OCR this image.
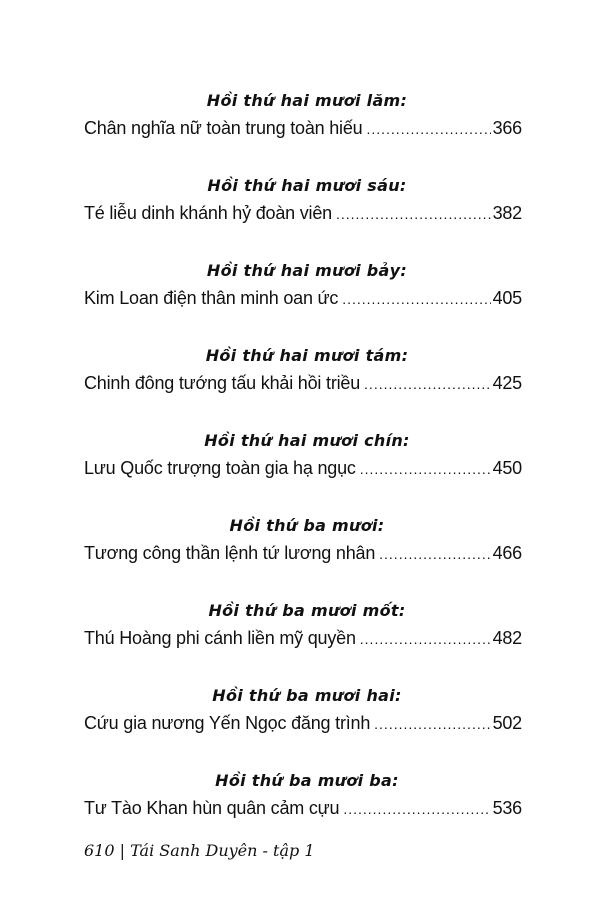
Hồi thứ hai mươi lăm:
Chân nghĩa nữ toàn trung toàn hiếu .....	366
Hồi thứ hai mươi sáu:
Té liễu dinh khánh hỷ đoàn viên .....	382
Hồi thứ hai mươi bảy:
Kim Loan điện thân minh oan ức .....	405
Hồi thứ hai mươi tám:
Chinh đông tướng tấu khải hồi triều .....	425
Hồi thứ hai mươi chín:
Lưu Quốc trượng toàn gia hạ ngục .....	450
Hồi thứ ba mươi:
Tương công thần lệnh tứ lương nhân .....	466
Hồi thứ ba mươi mốt:
Thú Hoàng phi cánh liền mỹ quyền .....	482
Hồi thứ ba mươi hai:
Cứu gia nương Yến Ngọc đăng trình .....	502
Hồi thứ ba mươi ba:
Tư Tào Khan hùn quân cảm cựu .....	536
610 | Tái Sanh Duyên - tập 1
